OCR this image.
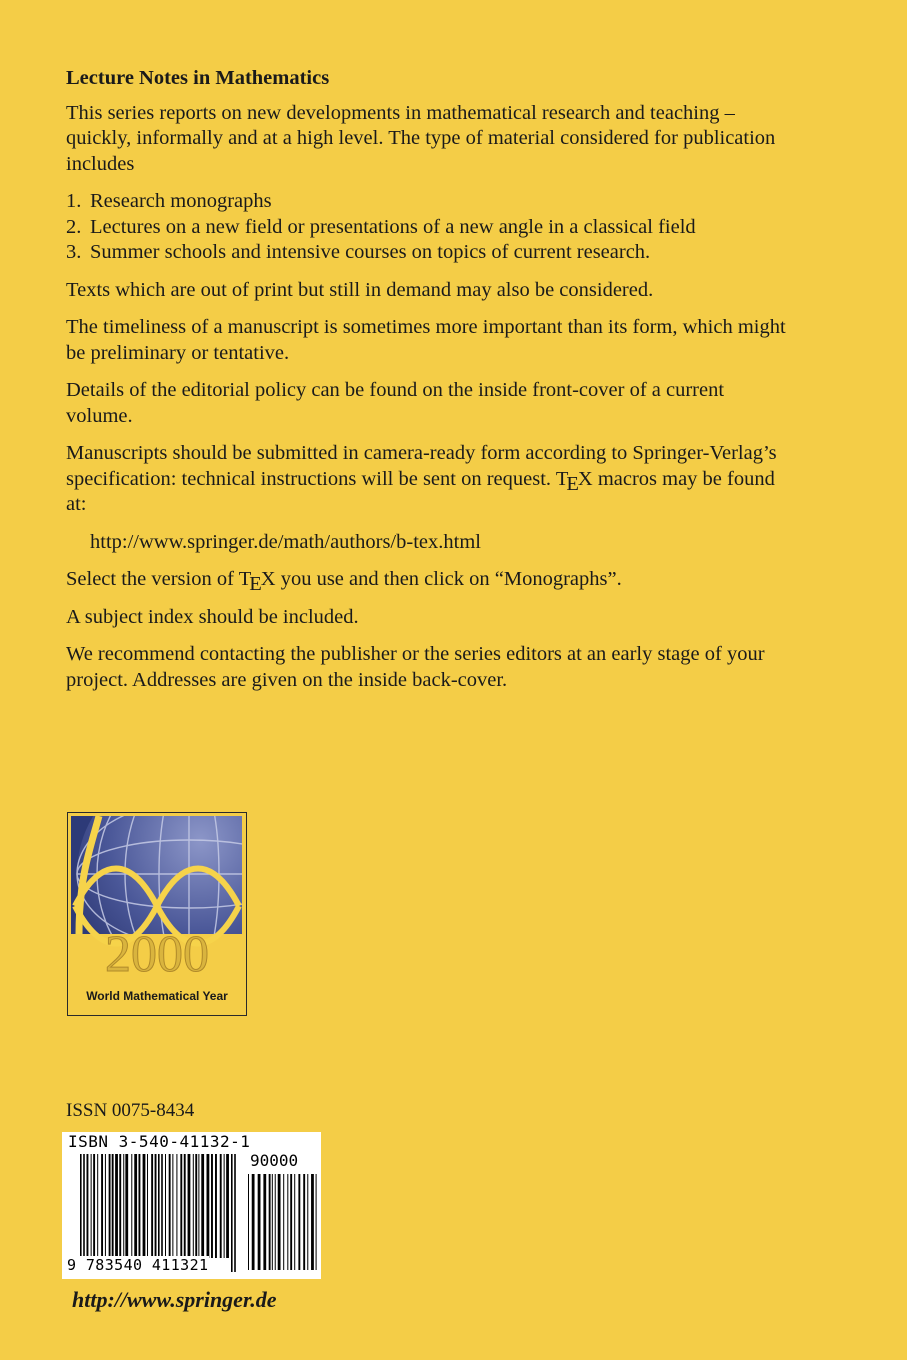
Lecture Notes in Mathematics

This series reports on new developments in mathematical research and teaching – quickly, informally and at a high level. The type of material considered for publication includes

1. Research monographs
2. Lectures on a new field or presentations of a new angle in a classical field
3. Summer schools and intensive courses on topics of current research.

Texts which are out of print but still in demand may also be considered.

The timeliness of a manuscript is sometimes more important than its form, which might be preliminary or tentative.

Details of the editorial policy can be found on the inside front-cover of a current volume.

Manuscripts should be submitted in camera-ready form according to Springer-Verlag’s specification: technical instructions will be sent on request. TEX macros may be found at:

http://www.springer.de/math/authors/b-tex.html

Select the version of TEX you use and then click on “Monographs”.

A subject index should be included.

We recommend contacting the publisher or the series editors at an early stage of your project. Addresses are given on the inside back-cover.

2000
World Mathematical Year
ISSN 0075-8434
ISBN 3-540-41132-1
90000
9 783540 411321
http://www.springer.de
